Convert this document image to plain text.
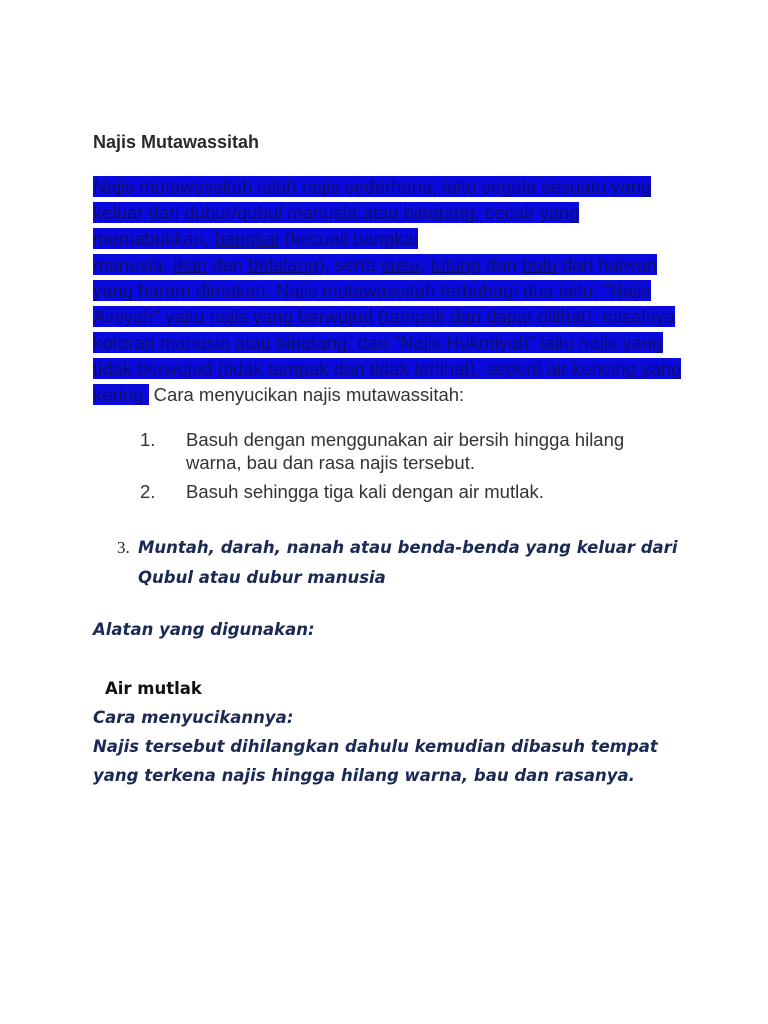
Najis Mutawassitah

Najis mutawassitah ialah najis sederhana, iaitu segala sesuatu yang keluar dari dubur/qubul manusia atau binatang, cecair yang memabukkan, bangkai (kecuali bangkai
manusia, ikan dan belalang), serta susu, tulang dan bulu dari haiwan yang haram dimakan. Najis mutawassitah terbahagi dua iaitu: "Najis Ainiyah" yaitu najis yang berwujud (tampak dan dapat dilihat), misalnya kotoran manusia atau binatang; dan "Najis Hukmiyah" iaitu najis yang tidak berwujud (tidak tampak dan tidak terlihat), seperti air kencing yang kering. Cara menyucikan najis mutawassitah:

1.	Basuh dengan menggunakan air bersih hingga hilang warna, bau dan rasa najis tersebut.
2.	Basuh sehingga tiga kali dengan air mutlak.
3. Muntah, darah, nanah atau benda-benda yang keluar dari Qubul atau dubur manusia

Alatan yang digunakan:

Air mutlak

Cara menyucikannya:

Najis tersebut dihilangkan dahulu kemudian dibasuh tempat yang terkena najis hingga hilang warna, bau dan rasanya.
